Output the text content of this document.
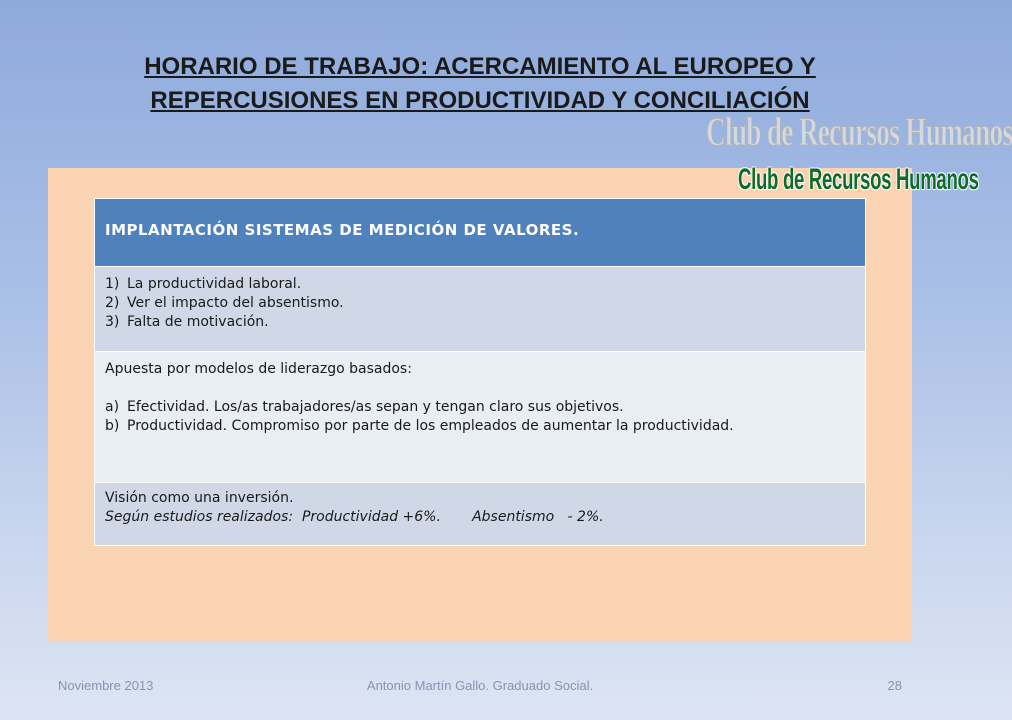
HORARIO DE TRABAJO: ACERCAMIENTO AL EUROPEO Y
REPERCUSIONES EN PRODUCTIVIDAD Y CONCILIACIÓN
Club de Recursos Humanos
Club de Recursos Humanos
IMPLANTACIÓN SISTEMAS DE MEDICIÓN DE VALORES.

1) La productividad laboral.
2) Ver el impacto del absentismo.
3) Falta de motivación.

Apuesta por modelos de liderazgo basados:
a) Efectividad. Los/as trabajadores/as sepan y tengan claro sus objetivos.
b) Productividad. Compromiso por parte de los empleados de aumentar la productividad.

Visión como una inversión.
Según estudios realizados:  Productividad +6%.       Absentismo   - 2%.
Antonio Martín Gallo. Graduado Social.
Noviembre 2013	28
